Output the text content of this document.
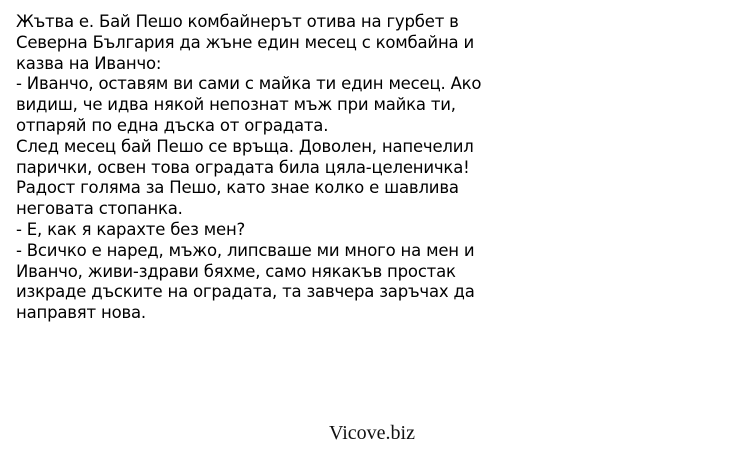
Жътва е. Бай Пешо комбайнерът отива на гурбет в
Северна България да жъне един месец с комбайна и
казва на Иванчо:
- Иванчо, оставям ви сами с майка ти един месец. Ако
видиш, че идва някой непознат мъж при майка ти,
отпаряй по една дъска от оградата.
След месец бай Пешо се връща. Доволен, напечелил
парички, освен това оградата била цяла-целеничка!
Радост голяма за Пешо, като знае колко е шавлива
неговата стопанка.
- Е, как я карахте без мен?
- Всичко е наред, мъжо, липсваше ми много на мен и
Иванчо, живи-здрави бяхме, само някакъв простак
изкраде дъските на оградата, та завчера заръчах да
направят нова.
Vicove.biz
